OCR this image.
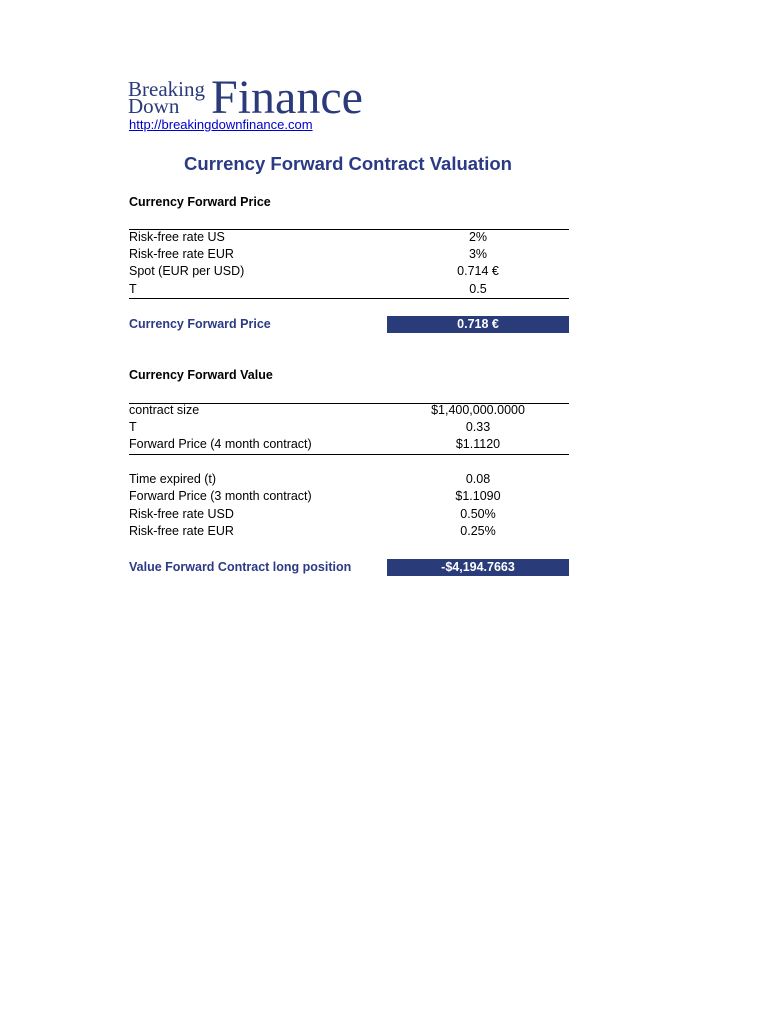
Breaking
Down Finance
http://breakingdownfinance.com
Currency Forward Contract Valuation
Currency Forward Price
Risk-free rate US	2%
Risk-free rate EUR	3%
Spot (EUR per USD)	0.714 €
T	0.5
Currency Forward Price	0.718 €
Currency Forward Value
contract size	$1,400,000.0000
T	0.33
Forward Price (4 month contract)	$1.1120
Time expired (t)	0.08
Forward Price (3 month contract)	$1.1090
Risk-free rate USD	0.50%
Risk-free rate EUR	0.25%
Value Forward Contract long position	-$4,194.7663
